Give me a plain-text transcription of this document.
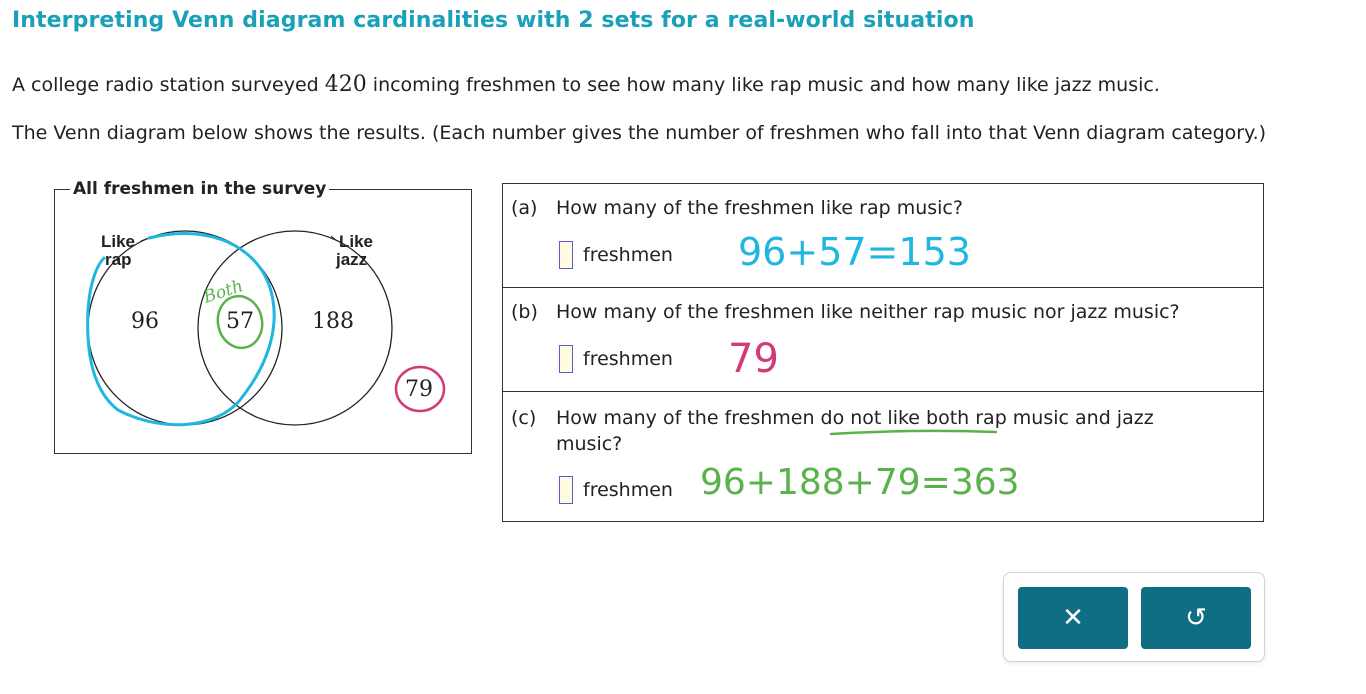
Interpreting Venn diagram cardinalities with 2 sets for a real-world situation
A college radio station surveyed 420 incoming freshmen to see how many like rap music and how many like jazz music.
The Venn diagram below shows the results. (Each number gives the number of freshmen who fall into that Venn diagram category.)
All freshmen in the survey
Like
rap
Like
jazz
96	57	188
79
(a) How many of the freshmen like rap music?
freshmen
(b) How many of the freshmen like neither rap music nor jazz music?
freshmen
(c) How many of the freshmen do not like both rap music and jazz
music?
freshmen
Both
96+57=153
79
96+188+79=363
✕	↺
